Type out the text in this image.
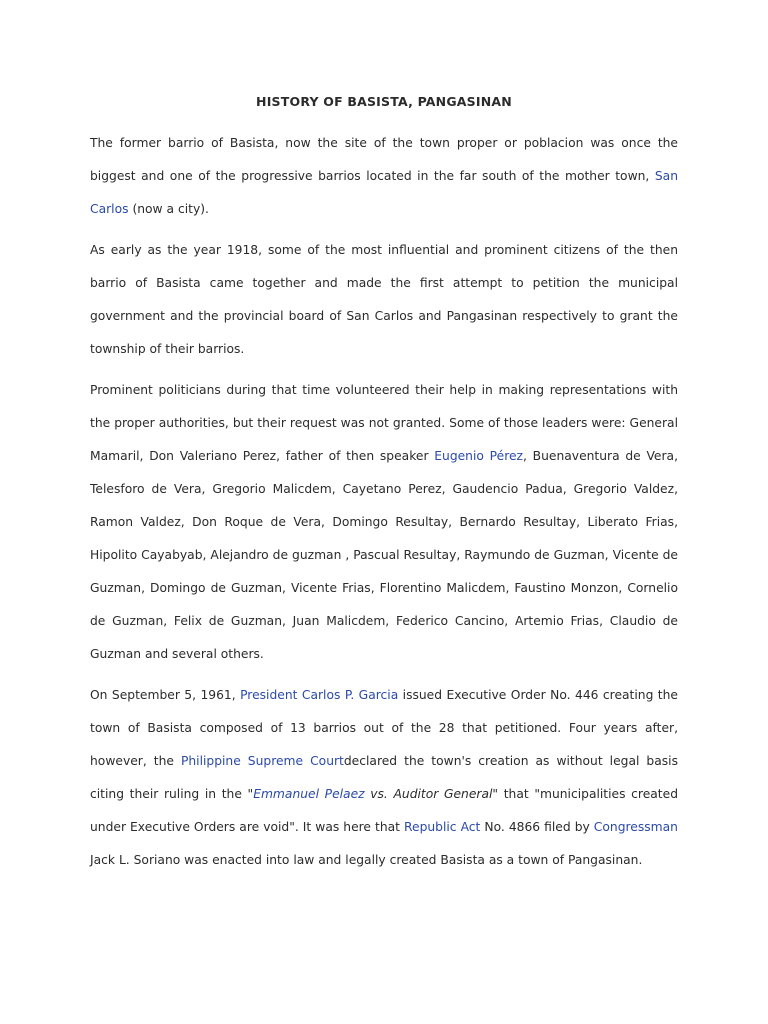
HISTORY OF BASISTA, PANGASINAN

The former barrio of Basista, now the site of the town proper or poblacion was once the biggest and one of the progressive barrios located in the far south of the mother town, San Carlos (now a city).

As early as the year 1918, some of the most influential and prominent citizens of the then barrio of Basista came together and made the first attempt to petition the municipal government and the provincial board of San Carlos and Pangasinan respectively to grant the township of their barrios.

Prominent politicians during that time volunteered their help in making representations with the proper authorities, but their request was not granted. Some of those leaders were: General Mamaril, Don Valeriano Perez, father of then speaker Eugenio Pérez, Buenaventura de Vera, Telesforo de Vera, Gregorio Malicdem, Cayetano Perez, Gaudencio Padua, Gregorio Valdez, Ramon Valdez, Don Roque de Vera, Domingo Resultay, Bernardo Resultay, Liberato Frias, Hipolito Cayabyab, Alejandro de guzman , Pascual Resultay, Raymundo de Guzman, Vicente de Guzman, Domingo de Guzman, Vicente Frias, Florentino Malicdem, Faustino Monzon, Cornelio de Guzman, Felix de Guzman, Juan Malicdem, Federico Cancino, Artemio Frias, Claudio de Guzman and several others.

On September 5, 1961, President Carlos P. Garcia issued Executive Order No. 446 creating the town of Basista composed of 13 barrios out of the 28 that petitioned. Four years after, however, the Philippine Supreme Courtdeclared the town's creation as without legal basis citing their ruling in the "Emmanuel Pelaez vs. Auditor General" that "municipalities created under Executive Orders are void". It was here that Republic Act No. 4866 filed by Congressman Jack L. Soriano was enacted into law and legally created Basista as a town of Pangasinan.
